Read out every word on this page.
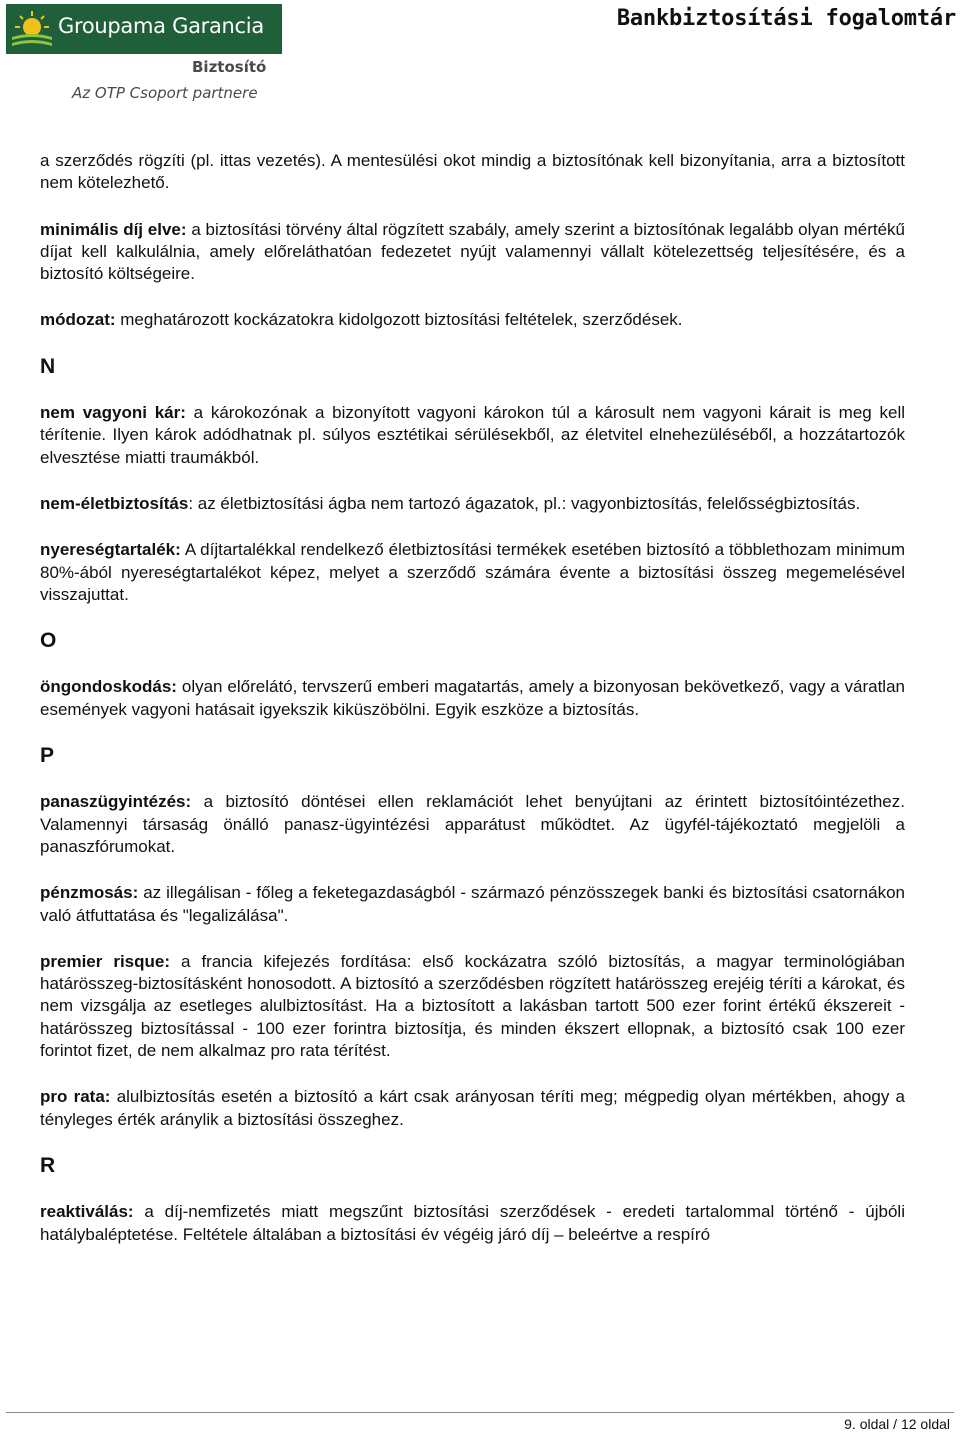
Groupama Garancia
Biztosító
Az OTP Csoport partnere
Bankbiztosítási fogalomtár

a szerződés rögzíti (pl. ittas vezetés). A mentesülési okot mindig a biztosítónak kell bizonyítania, arra a biztosított nem kötelezhető.

minimális díj elve: a biztosítási törvény által rögzített szabály, amely szerint a biztosítónak legalább olyan mértékű díjat kell kalkulálnia, amely előreláthatóan fedezetet nyújt valamennyi vállalt kötelezettség teljesítésére, és a biztosító költségeire.

módozat: meghatározott kockázatokra kidolgozott biztosítási feltételek, szerződések.

N

nem vagyoni kár: a károkozónak a bizonyított vagyoni károkon túl a károsult nem vagyoni kárait is meg kell térítenie. Ilyen károk adódhatnak pl. súlyos esztétikai sérülésekből, az életvitel elnehezüléséből, a hozzátartozók elvesztése miatti traumákból.

nem-életbiztosítás: az életbiztosítási ágba nem tartozó ágazatok, pl.: vagyonbiztosítás, felelősségbiztosítás.

nyereségtartalék: A díjtartalékkal rendelkező életbiztosítási termékek esetében biztosító a többlethozam minimum 80%-ából nyereségtartalékot képez, melyet a szerződő számára évente a biztosítási összeg megemelésével visszajuttat.

O

öngondoskodás: olyan előrelátó, tervszerű emberi magatartás, amely a bizonyosan bekövetkező, vagy a váratlan események vagyoni hatásait igyekszik kiküszöbölni. Egyik eszköze a biztosítás.

P

panaszügyintézés: a biztosító döntései ellen reklamációt lehet benyújtani az érintett biztosítóintézethez. Valamennyi társaság önálló panasz-ügyintézési apparátust működtet. Az ügyfél-tájékoztató megjelöli a panaszfórumokat.

pénzmosás: az illegálisan - főleg a feketegazdaságból - származó pénzösszegek banki és biztosítási csatornákon való átfuttatása és "legalizálása".

premier risque: a francia kifejezés fordítása: első kockázatra szóló biztosítás, a magyar terminológiában határösszeg-biztosításként honosodott. A biztosító a szerződésben rögzített határösszeg erejéig téríti a károkat, és nem vizsgálja az esetleges alulbiztosítást. Ha a biztosított a lakásban tartott 500 ezer forint értékű ékszereit - határösszeg biztosítással - 100 ezer forintra biztosítja, és minden ékszert ellopnak, a biztosító csak 100 ezer forintot fizet, de nem alkalmaz pro rata térítést.

pro rata: alulbiztosítás esetén a biztosító a kárt csak arányosan téríti meg; mégpedig olyan mértékben, ahogy a tényleges érték aránylik a biztosítási összeghez.

R

reaktiválás: a díj-nemfizetés miatt megszűnt biztosítási szerződések - eredeti tartalommal történő - újbóli hatálybaléptetése. Feltétele általában a biztosítási év végéig járó díj – beleértve a respíró

9. oldal / 12 oldal
